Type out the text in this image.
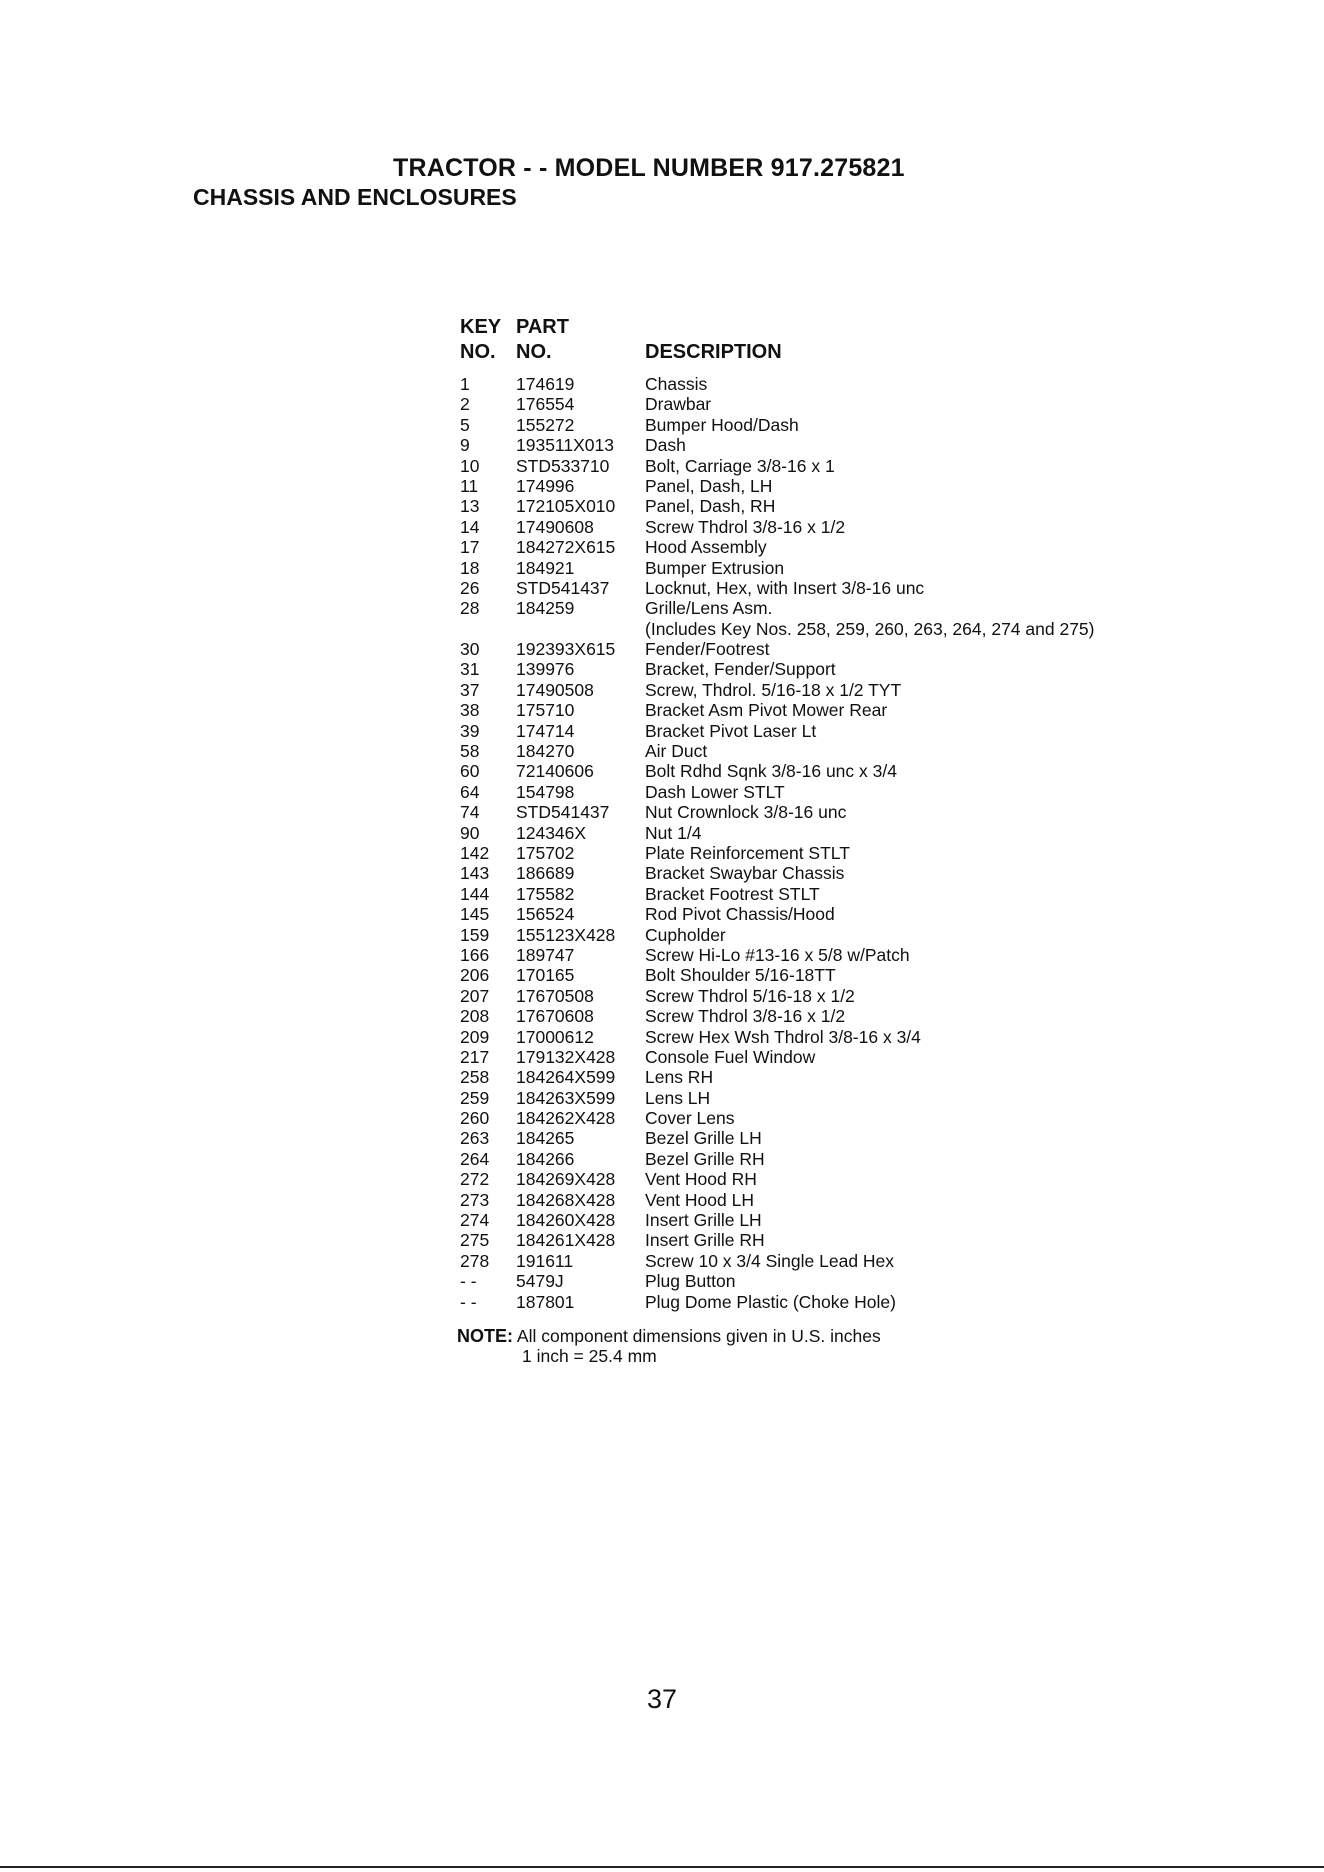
TRACTOR - - MODEL NUMBER 917.275821
CHASSIS AND ENCLOSURES
KEY PART
NO. NO.	DESCRIPTION
1	174619	Chassis
2	176554	Drawbar
5	155272	Bumper Hood/Dash
9	193511X013 Dash
10 STD533710 Bolt, Carriage 3/8-16 x 1
11 174996	Panel, Dash, LH
13 172105X010 Panel, Dash, RH
14 17490608	Screw Thdrol 3/8-16 x 1/2
17 184272X615 Hood Assembly
18 184921	Bumper Extrusion
26 STD541437 Locknut, Hex, with Insert 3/8-16 unc
28 184259	Grille/Lens Asm.
(Includes Key Nos. 258, 259, 260, 263, 264, 274 and 275)
30 192393X615 Fender/Footrest
31 139976	Bracket, Fender/Support
37 17490508	Screw, Thdrol. 5/16-18 x 1/2 TYT
38 175710	Bracket Asm Pivot Mower Rear
39 174714	Bracket Pivot Laser Lt
58 184270	Air Duct
60 72140606	Bolt Rdhd Sqnk 3/8-16 unc x 3/4
64 154798	Dash Lower STLT
74 STD541437 Nut Crownlock 3/8-16 unc
90 124346X	Nut 1/4
142 175702	Plate Reinforcement STLT
143 186689	Bracket Swaybar Chassis
144 175582	Bracket Footrest STLT
145 156524	Rod Pivot Chassis/Hood
159 155123X428 Cupholder
166 189747	Screw Hi-Lo #13-16 x 5/8 w/Patch
206 170165	Bolt Shoulder 5/16-18TT
207 17670508	Screw Thdrol 5/16-18 x 1/2
208 17670608	Screw Thdrol 3/8-16 x 1/2
209 17000612	Screw Hex Wsh Thdrol 3/8-16 x 3/4
217 179132X428 Console Fuel Window
258 184264X599 Lens RH
259 184263X599 Lens LH
260 184262X428 Cover Lens
263 184265	Bezel Grille LH
264 184266	Bezel Grille RH
272 184269X428 Vent Hood RH
273 184268X428 Vent Hood LH
274 184260X428 Insert Grille LH
275 184261X428 Insert Grille RH
278 191611	Screw 10 x 3/4 Single Lead Hex
- - 5479J	Plug Button
- - 187801	Plug Dome Plastic (Choke Hole)
NOTE: All component dimensions given in U.S. inches
1 inch = 25.4 mm
37
